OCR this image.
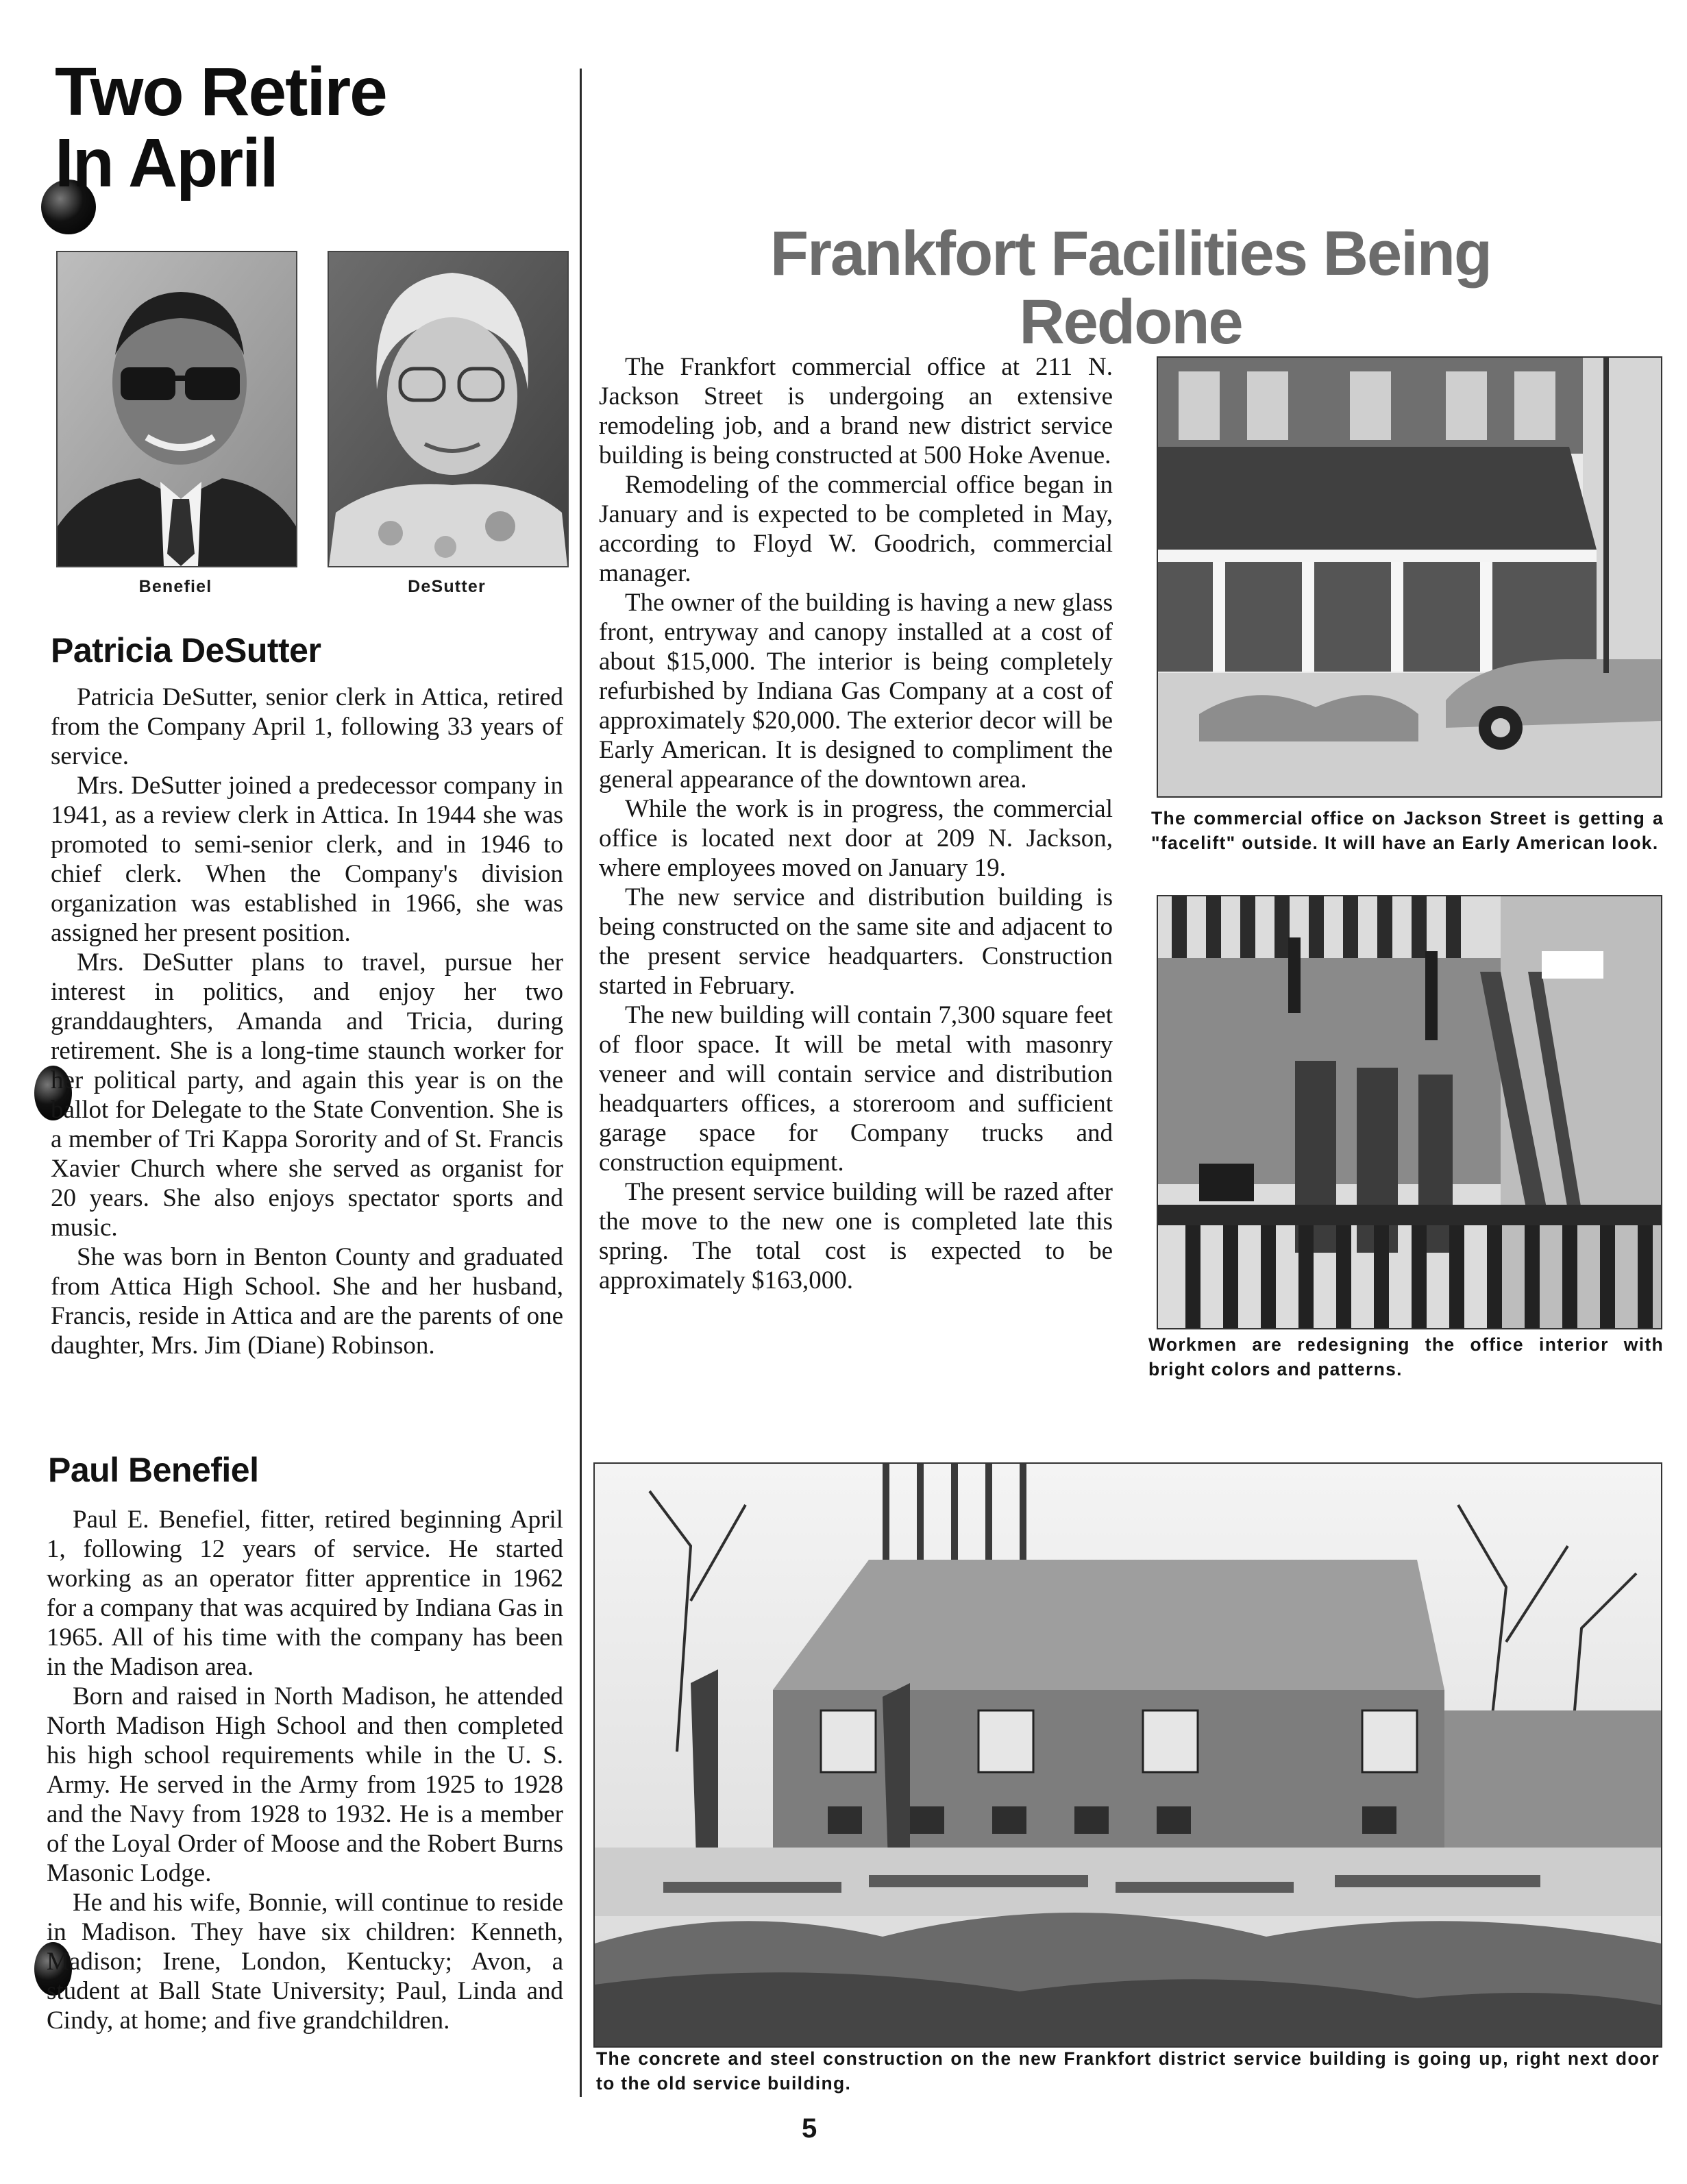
Two Retire
In April
Benefiel	DeSutter
Patricia DeSutter

Patricia DeSutter, senior clerk in Attica, retired from the Company April 1, following 33 years of service.

Mrs. DeSutter joined a predecessor company in 1941, as a review clerk in Attica. In 1944 she was promoted to semi-senior clerk, and in 1946 to chief clerk. When the Company's division organization was established in 1966, she was assigned her present position.

Mrs. DeSutter plans to travel, pursue her interest in politics, and enjoy her two granddaughters, Amanda and Tricia, during retirement. She is a long-time staunch worker for her political party, and again this year is on the ballot for Delegate to the State Convention. She is a member of Tri Kappa Sorority and of St. Francis Xavier Church where she served as organist for 20 years. She also enjoys spectator sports and music.

She was born in Benton County and graduated from Attica High School. She and her husband, Francis, reside in Attica and are the parents of one daughter, Mrs. Jim (Diane) Robinson.

Paul Benefiel

Paul E. Benefiel, fitter, retired beginning April 1, following 12 years of service. He started working as an operator fitter apprentice in 1962 for a company that was acquired by Indiana Gas in 1965. All of his time with the company has been in the Madison area.

Born and raised in North Madison, he attended North Madison High School and then completed his high school requirements while in the U. S. Army. He served in the Army from 1925 to 1928 and the Navy from 1928 to 1932. He is a member of the Loyal Order of Moose and the Robert Burns Masonic Lodge.

He and his wife, Bonnie, will continue to reside in Madison. They have six children: Kenneth, Madison; Irene, London, Kentucky; Avon, a student at Ball State University; Paul, Linda and Cindy, at home; and five grandchildren.

Frankfort Facilities Being Redone

The Frankfort commercial office at 211 N. Jackson Street is undergoing an extensive remodeling job, and a brand new district service building is being constructed at 500 Hoke Avenue.

Remodeling of the commercial office began in January and is expected to be completed in May, according to Floyd W. Goodrich, commercial manager.

The owner of the building is having a new glass front, entryway and canopy installed at a cost of about $15,000. The interior is being completely refurbished by Indiana Gas Company at a cost of approximately $20,000. The exterior decor will be Early American. It is designed to compliment the general appearance of the downtown area.

While the work is in progress, the commercial office is located next door at 209 N. Jackson, where employees moved on January 19.

The new service and distribution building is being constructed on the same site and adjacent to the present service headquarters. Construction started in February.

The new building will contain 7,300 square feet of floor space. It will be metal with masonry veneer and will contain service and distribution headquarters offices, a storeroom and sufficient garage space for Company trucks and construction equipment.

The present service building will be razed after the move to the new one is completed late this spring. The total cost is expected to be approximately $163,000.

The commercial office on Jackson Street is getting a "facelift" outside. It will have an Early American look.
Workmen are redesigning the office interior with bright colors and patterns.
The concrete and steel construction on the new Frankfort district service building is going up, right next door to the old service building.
5
